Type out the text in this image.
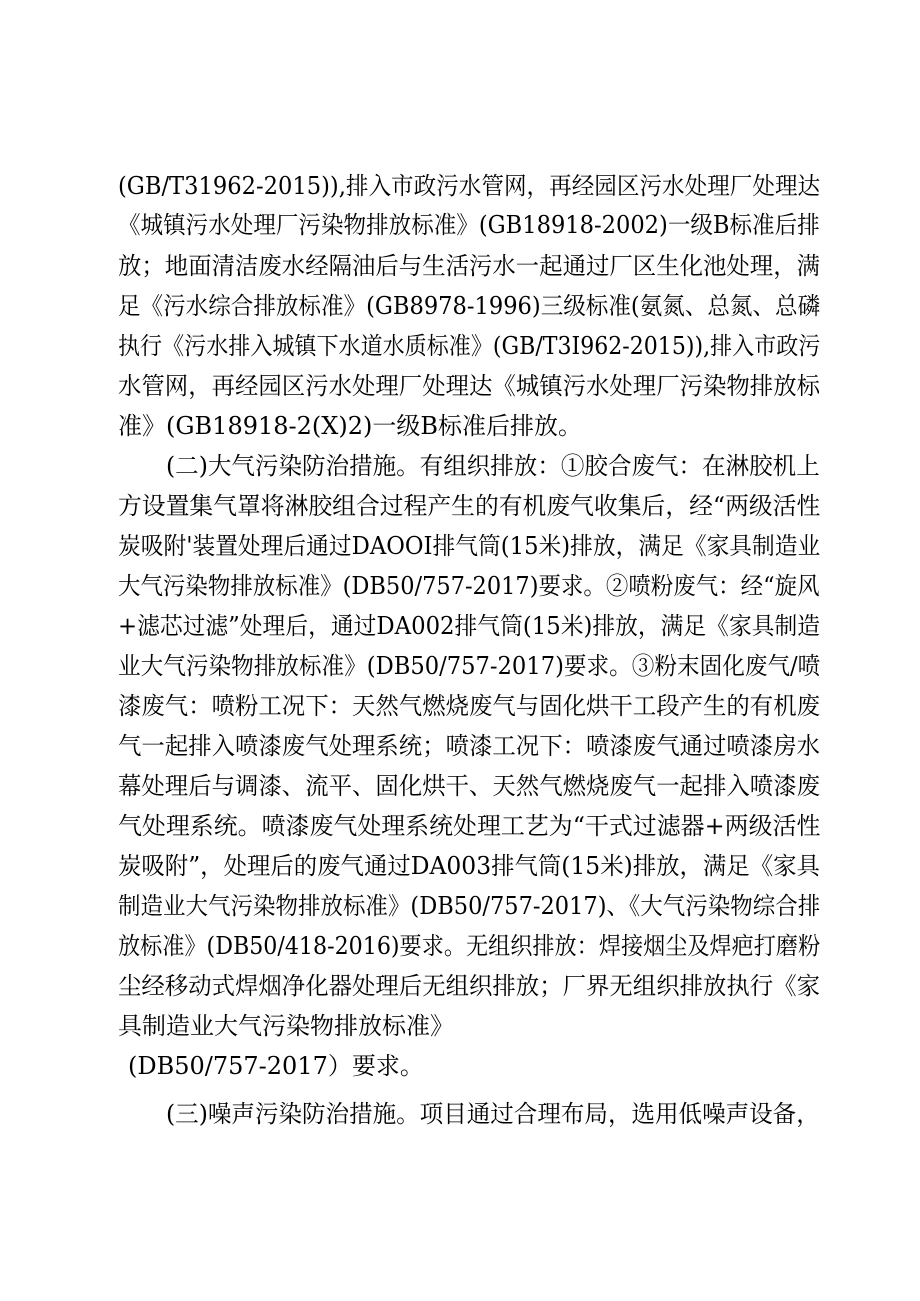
(GB/T31962-2015)),排入市政污水管网，再经园区污水处理厂处理达
《城镇污水处理厂污染物排放标准》(GB18918-2002)一级B标准后排
放；地面清洁废水经隔油后与生活污水一起通过厂区生化池处理，满
足《污水综合排放标准》(GB8978-1996)三级标准(氨氮、总氮、总磷
执行《污水排入城镇下水道水质标准》(GB/T3I962-2015)),排入市政污
水管网，再经园区污水处理厂处理达《城镇污水处理厂污染物排放标
准》(GB18918-2(X)2)一级B标准后排放。
(二)大气污染防治措施。有组织排放：①胶合废气：在淋胶机上
方设置集气罩将淋胶组合过程产生的有机废气收集后，经“两级活性
炭吸附'装置处理后通过DAOOI排气筒(15米)排放，满足《家具制造业
大气污染物排放标准》(DB50/757-2017)要求。②喷粉废气：经“旋风
+滤芯过滤”处理后，通过DA002排气筒(15米)排放，满足《家具制造
业大气污染物排放标准》(DB50/757-2017)要求。③粉末固化废气/喷
漆废气：喷粉工况下：天然气燃烧废气与固化烘干工段产生的有机废
气一起排入喷漆废气处理系统；喷漆工况下：喷漆废气通过喷漆房水
幕处理后与调漆、流平、固化烘干、天然气燃烧废气一起排入喷漆废
气处理系统。喷漆废气处理系统处理工艺为“干式过滤器+两级活性
炭吸附”，处理后的废气通过DA003排气筒(15米)排放，满足《家具
制造业大气污染物排放标准》(DB50/757-2017)、《大气污染物综合排
放标准》(DB50/418-2016)要求。无组织排放：焊接烟尘及焊疤打磨粉
尘经移动式焊烟净化器处理后无组织排放；厂界无组织排放执行《家
具制造业大气污染物排放标准》
(DB50/757-2017）要求。
(三)噪声污染防治措施。项目通过合理布局，选用低噪声设备，
